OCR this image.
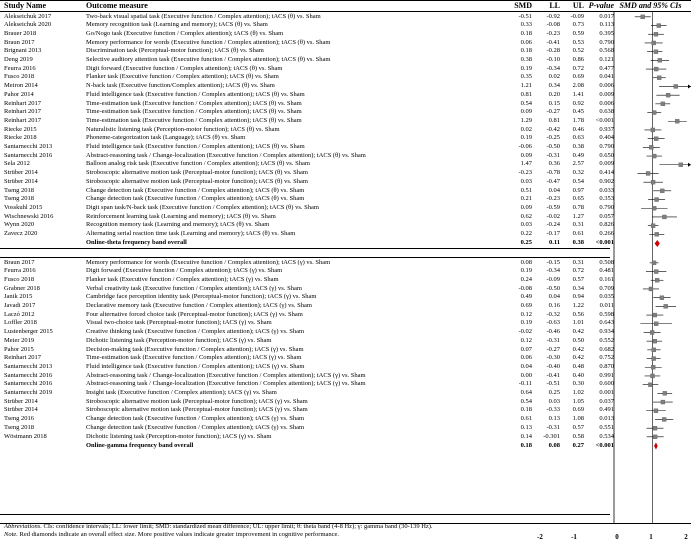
Study Name	Outcome measure	SMD	LL	UL P-value SMD and 95% CIs
Alekseichuk 2017	Two-back visual spatial task (Executive function / Complex attention); tACS (θ) vs. Sham	-0.51	-0.92	-0.09	0.017
Alekseichuk 2020	Memory recognition task (Learning and memory); tACS (θ) vs. Sham	0.33	-0.08	0.73	0.113
Brauer 2018	Go/Nogo task (Executive function / Complex attention); tACS (θ) vs. Sham	0.18	-0.23	0.59	0.395
Braun 2017	Memory performance for words (Executive function / Complex attention); tACS (θ) vs. Sham	0.06	-0.41	0.53	0.790
Brignani 2013	Discrimination task (Perceptual-motor function); tACS (θ) vs. Sham	0.18	-0.28	0.52	0.568
Deng 2019	Selective auditory attention task (Executive function / Complex attention); tACS (θ) vs. Sham	0.38	-0.10	0.86	0.121
Feurra 2016	Digit forward (Executive function / Complex attention); tACS (θ) vs. Sham	0.19	-0.34	0.72	0.477
Fusco 2018	Flanker task (Executive function / Complex attention); tACS (θ) vs. Sham	0.35	0.02	0.69	0.041
Meiron 2014	N-back task (Executive function/Complex attention); tACS (θ) vs. Sham	1.21	0.34	2.08	0.006
Pahor 2014	Fluid intelligence task (Executive function / Complex attention); tACS (θ) vs. Sham	0.81	0.20	1.41	0.009
Reinhart 2017	Time-estimation task (Executive function / Complex attention); tACS (θ) vs. Sham	0.54	0.15	0.92	0.006
Reinhart 2017	Time-estimation task (Executive function / Complex attention); tACS (θ) vs. Sham	0.09	-0.27	0.45	0.638
Reinhart 2017	Time-estimation task (Executive function / Complex attention); tACS (θ) vs. Sham	1.29	0.81	1.78	<0.001
Riecke 2015	Naturalistic listening task (Perception-motor function); tACS (θ) vs. Sham	0.02	-0.42	0.46	0.937
Riecke 2018	Phoneme-categorization task (Language); tACS (θ) vs. Sham	0.19	-0.25	0.63	0.404
Santarnecchi 2013	Fluid intelligence task (Executive function / Complex attention); tACS (θ) vs. Sham	-0.06	-0.50	0.38	0.790
Santarnecchi 2016	Abstract-reasoning task / Change-localization (Executive function / Complex attention); tACS (θ) vs. Sham	0.09	-0.31	0.49	0.650
Sela 2012	Balloon analog risk task (Executive function / Complex attention); tACS (θ) vs. Sham	1.47	0.36	2.57	0.009
Strüber 2014	Stroboscopic alternative motion task (Perceptual-motor function); tACS (θ) vs. Sham	-0.23	-0.78	0.32	0.414
Strüber 2014	Stroboscopic alternative motion task (Perceptual-motor function); tACS (θ) vs. Sham	0.03	-0.47	0.54	0.902
Tseng 2018	Change detection task (Executive function / Complex attention); tACS (θ) vs. Sham	0.51	0.04	0.97	0.033
Tseng 2018	Change detection task (Executive function / Complex attention); tACS (θ) vs. Sham	0.21	-0.23	0.65	0.353
Vosskuhl 2015	Digit span task/N-back task (Executive function / Complex attention); tACS (θ) vs. Sham	0.09	-0.59	0.78	0.790
Wischnewski 2016	Reinforcement learning task (Learning and memory); tACS (θ) vs. Sham	0.62	-0.02	1.27	0.057
Wynn 2020	Recognition memory task (Learning and memory); tACS (θ) vs. Sham	0.03	-0.24	0.31	0.826
Zavecz 2020	Alternating serial reaction time task (Learning and memory); tACS (θ) vs. Sham	0.22	-0.17	0.61	0.266
Online-theta frequency band overall	0.25	0.11	0.38	<0.001
Braun 2017	Memory performance for words (Executive function / Complex attention); tACS (γ) vs. Sham	0.08	-0.15	0.31	0.508
Feurra 2016	Digit forward (Executive function / Complex attention); tACS (γ) vs. Sham	0.19	-0.34	0.72	0.481
Fusco 2018	Flanker task (Executive function / Complex attention); tACS (γ) vs. Sham	0.24	-0.09	0.57	0.161
Grabner 2018	Verbal creativity task (Executive function / Complex attention); tACS (γ) vs. Sham	-0.08	-0.50	0.34	0.709
Janik 2015	Cambridge face perception identity task (Perceptual-motor function); tACS (γ) vs. Sham	0.49	0.04	0.94	0.035
Javadi 2017	Declarative memory task (Executive function / Complex attention); tACS (γ) vs. Sham	0.69	0.16	1.22	0.011
Laczó 2012	Four alternative forced choice task (Perceptual-motor function); tACS (γ) vs. Sham	0.12	-0.32	0.56	0.598
Loffler 2018	Visual two-choice task (Perceptual-motor function); tACS (γ) vs. Sham	0.19	-0.63	1.01	0.643
Lustenberger 2015	Creative thinking task (Executive function / Complex attention); tACS (γ) vs. Sham	-0.02	-0.46	0.42	0.934
Meier 2019	Dichotic listening task (Perception-motor function); tACS (γ) vs. Sham	0.12	-0.31	0.50	0.552
Pahor 2015	Decision-making task (Executive function / Complex attention); tACS (γ) vs. Sham	0.07	-0.27	0.42	0.682
Reinhart 2017	Time-estimation task (Executive function / Complex attention); tACS (γ) vs. Sham	0.06	-0.30	0.42	0.752
Santarnecchi 2013	Fluid intelligence task (Executive function / Complex attention); tACS (γ) vs. Sham	0.04	-0.40	0.48	0.870
Santarnecchi 2016	Abstract-reasoning task / Change-localization (Executive function / Complex attention); tACS (γ) vs. Sham	0.00	-0.41	0.40	0.991
Santarnecchi 2016	Abstract-reasoning task / Change-localization (Executive function / Complex attention); tACS (γ) vs. Sham	-0.11	-0.51	0.30	0.600
Santarnecchi 2019	Insight task (Executive function / Complex attention); tACS (γ) vs. Sham	0.64	0.25	1.02	0.001
Strüber 2014	Stroboscopic alternative motion task (Perceptual-motor function); tACS (γ) vs. Sham	0.54	0.03	1.05	0.037
Strüber 2014	Stroboscopic alternative motion task (Perceptual-motor function); tACS (γ) vs. Sham	0.18	-0.33	0.69	0.491
Tseng 2016	Change detection task (Executive function / Complex attention); tACS (γ) vs. Sham	0.61	0.13	1.08	0.013
Tseng 2018	Change detection task (Executive function / Complex attention); tACS (γ) vs. Sham	0.13	-0.31	0.57	0.551
Wöstmann 2018	Dichotic listening task (Perception-motor function); tACS (γ) vs. Sham	0.14	-0.301	0.58	0.534
Online-gamma frequency band overall	0.18	0.08	0.27	<0.001
Abbreviations. CIs: confidence intervals; LL: lower limit; SMD: standardized mean difference; UL: upper limit; θ: theta band (4-8 Hz); γ: gamma band (30-139 Hz).
Note. Red diamonds indicate an overall effect size. More positive values indicate greater improvement in cognitive performance.	-2	-1	0	1	2
